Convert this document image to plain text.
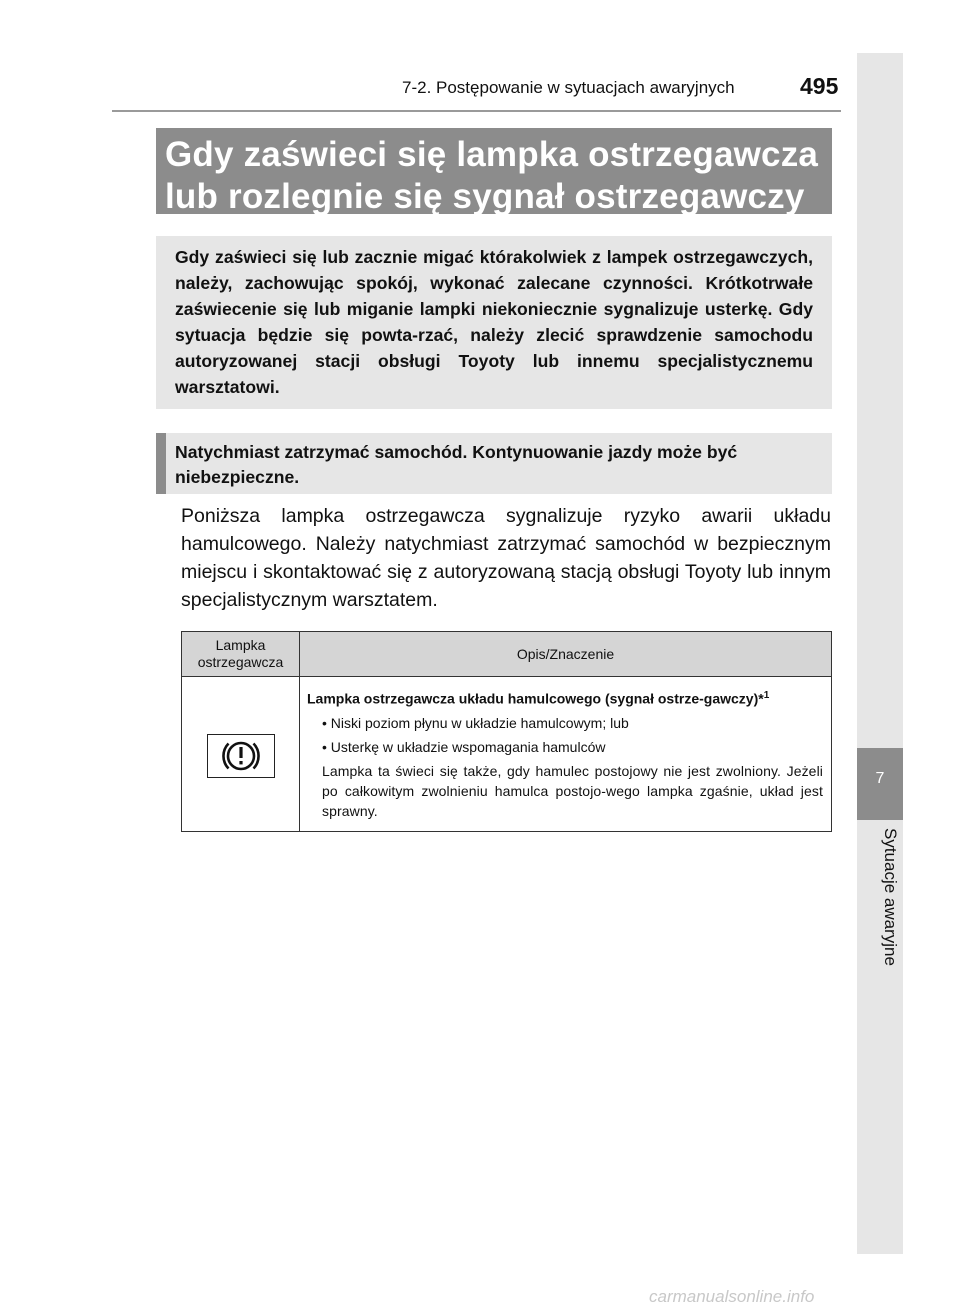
7-2. Postępowanie w sytuacjach awaryjnych	495
7
Sytuacje awaryjne
Gdy zaświeci się lampka ostrzegawcza
lub rozlegnie się sygnał ostrzegawczy
Gdy zaświeci się lub zacznie migać którakolwiek z lampek ostrzegawczych, należy, zachowując spokój, wykonać zalecane czynności. Krótkotrwałe zaświecenie się lub miganie lampki niekoniecznie sygnalizuje usterkę. Gdy sytuacja będzie się powta-rzać, należy zlecić sprawdzenie samochodu autoryzowanej stacji obsługi Toyoty lub innemu specjalistycznemu warsztatowi.
Natychmiast zatrzymać samochód. Kontynuowanie jazdy może być niebezpieczne.
Poniższa lampka ostrzegawcza sygnalizuje ryzyko awarii układu hamulcowego. Należy natychmiast zatrzymać samochód w bezpiecznym miejscu i skontaktować się z autoryzowaną stacją obsługi Toyoty lub innym specjalistycznym warsztatem.
Lampka
ostrzegawcza	Opis/Znaczenie

Lampka ostrzegawcza układu hamulcowego (sygnał ostrze-gawczy)*$^1$
• Niski poziom płynu w układzie hamulcowym; lub
• Usterkę w układzie wspomagania hamulców
Lampka ta świeci się także, gdy hamulec postojowy nie jest zwolniony. Jeżeli po całkowitym zwolnieniu hamulca postojo-wego lampka zgaśnie, układ jest sprawny.
carmanualsonline.info
